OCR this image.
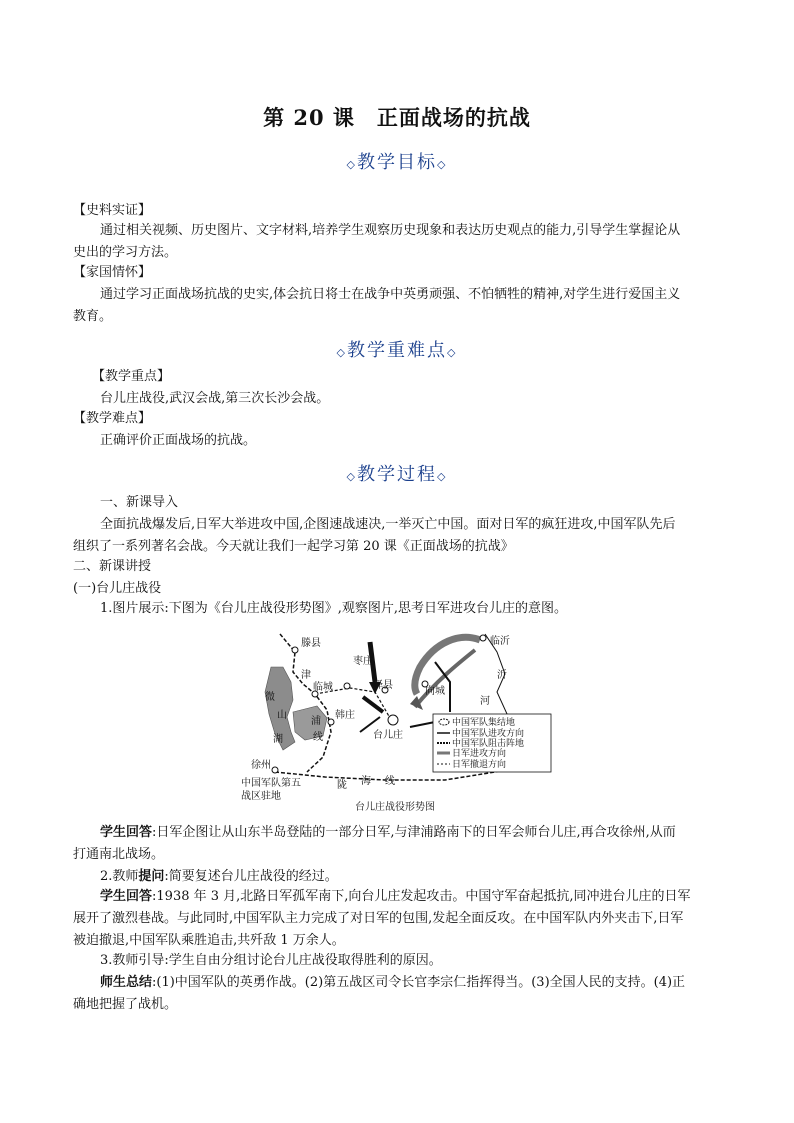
第 20 课　正面战场的抗战
◇教学目标◇
【史料实证】
通过相关视频、历史图片、文字材料,培养学生观察历史现象和表达历史观点的能力,引导学生掌握论从
史出的学习方法。
【家国情怀】
通过学习正面战场抗战的史实,体会抗日将士在战争中英勇顽强、不怕牺牲的精神,对学生进行爱国主义
教育。
◇教学重难点◇
【教学重点】
台儿庄战役,武汉会战,第三次长沙会战。
【教学难点】
正确评价正面战场的抗战。
◇教学过程◇
一、新课导入
全面抗战爆发后,日军大举进攻中国,企图速战速决,一举灭亡中国。面对日军的疯狂进攻,中国军队先后
组织了一系列著名会战。今天就让我们一起学习第 20 课《正面战场的抗战》
二、新课讲授
(一)台儿庄战役
1.图片展示:下图为《台儿庄战役形势图》,观察图片,思考日军进攻台儿庄的意图。
滕县	临沂
枣庄
峄县
临城	向城
沂
河
微
山
湖
津
浦
线
韩庄
台儿庄
徐州
陇 海 线
中国军队第五
战区驻地
中国军队集结地
中国军队进攻方向
中国军队阻击阵地
日军进攻方向
日军撤退方向
台儿庄战役形势图
学生回答:日军企图让从山东半岛登陆的一部分日军,与津浦路南下的日军会师台儿庄,再合攻徐州,从而
打通南北战场。
2.教师提问:简要复述台儿庄战役的经过。
学生回答:1938 年 3 月,北路日军孤军南下,向台儿庄发起攻击。中国守军奋起抵抗,同冲进台儿庄的日军
展开了激烈巷战。与此同时,中国军队主力完成了对日军的包围,发起全面反攻。在中国军队内外夹击下,日军
被迫撤退,中国军队乘胜追击,共歼敌 1 万余人。
3.教师引导:学生自由分组讨论台儿庄战役取得胜利的原因。
师生总结:(1)中国军队的英勇作战。(2)第五战区司令长官李宗仁指挥得当。(3)全国人民的支持。(4)正
确地把握了战机。
